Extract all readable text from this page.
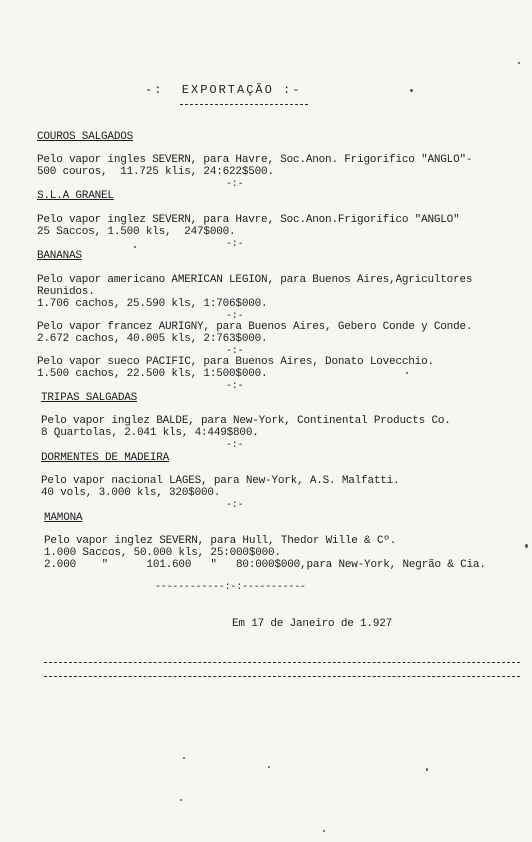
-:  EXPORTAÇÃO :-
COUROS SALGADOS
Pelo vapor ingles SEVERN, para Havre, Soc.Anon. Frigorifico "ANGLO"-
500 couros,  11.725 klis, 24:622$500.
-:-
S.L.A GRANEL
Pelo vapor inglez SEVERN, para Havre, Soc.Anon.Frigorifico "ANGLO"
25 Saccos, 1.500 kls,  247$000.
-:-
BANANAS
Pelo vapor americano AMERICAN LEGION, para Buenos Aires,Agricultores
Reunidos.
1.706 cachos, 25.590 kls, 1:706$000.
-:-
Pelo vapor francez AURIGNY, para Buenos Aires, Gebero Conde y Conde.
2.672 cachos, 40.005 kls, 2:763$000.
-:-
Pelo vapor sueco PACIFIC, para Buenos Aires, Donato Lovecchio.
1.500 cachos, 22.500 kls, 1:500$000.
-:-
TRIPAS SALGADAS
Pelo vapor inglez BALDE, para New-York, Continental Products Co.
8 Quartolas, 2.041 kls, 4:449$800.
-:-
DORMENTES DE MADEIRA
Pelo vapor nacional LAGES, para New-York, A.S. Malfatti.
40 vols, 3.000 kls, 320$000.
-:-
MAMONA
Pelo vapor inglez SEVERN, para Hull, Thedor Wille & Cº.
1.000 Saccos, 50.000 kls, 25:000$000.
2.000    "      101.600   "   80:000$000,para New-York, Negrão & Cia.
------------:-:-----------
Em 17 de Janeiro de 1.927
